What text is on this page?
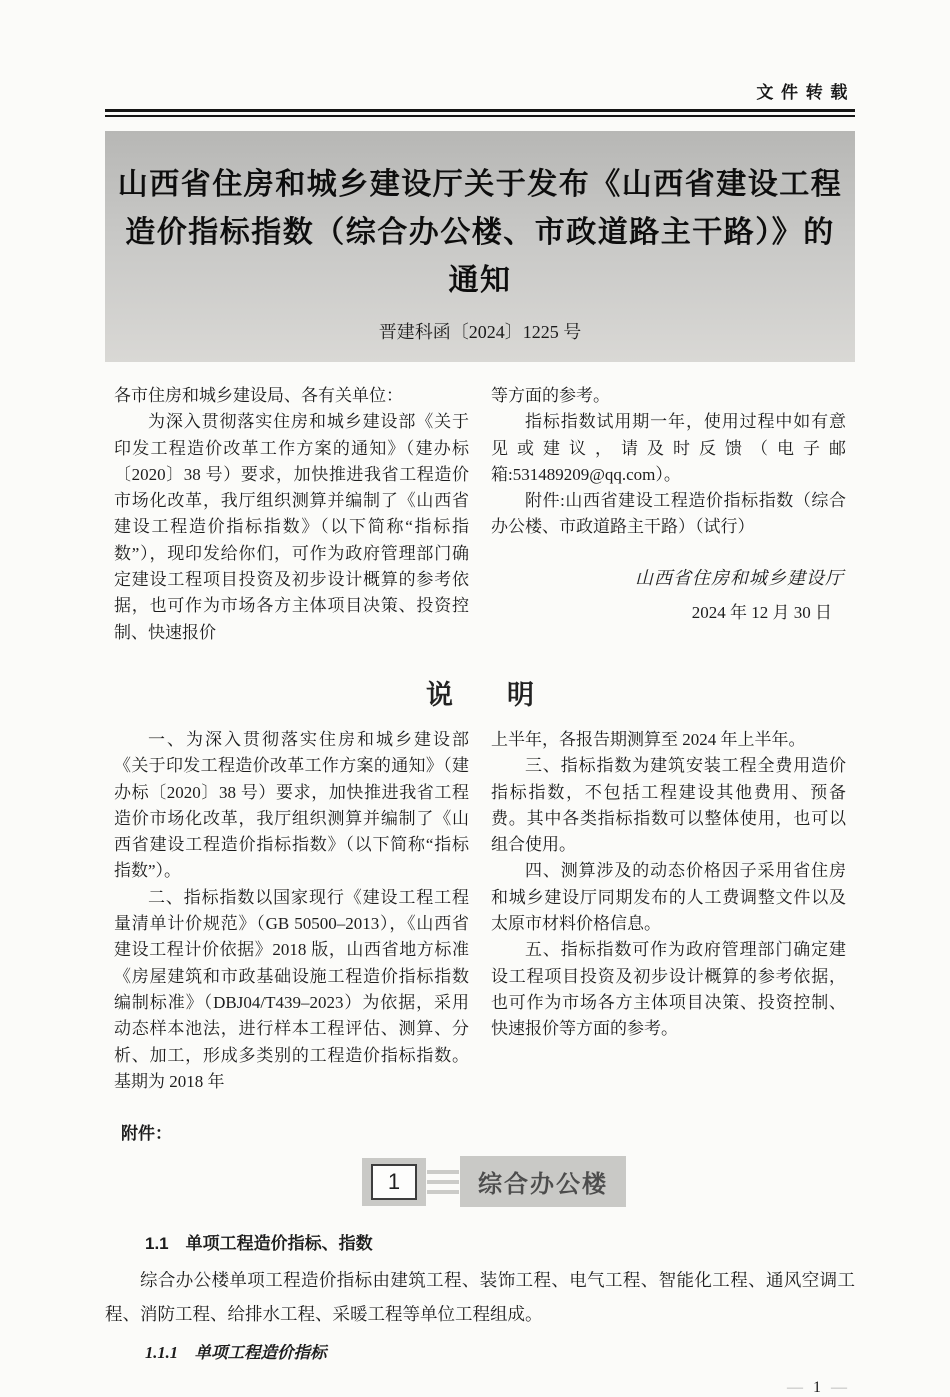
文件转载
山西省住房和城乡建设厅关于发布《山西省建设工程
造价指标指数（综合办公楼、市政道路主干路）》的通知
晋建科函〔2024〕1225 号

各市住房和城乡建设局、各有关单位：

为深入贯彻落实住房和城乡建设部《关于印发工程造价改革工作方案的通知》（建办标〔2020〕38 号）要求，加快推进我省工程造价市场化改革，我厅组织测算并编制了《山西省建设工程造价指标指数》（以下简称“指标指数”），现印发给你们，可作为政府管理部门确定建设工程项目投资及初步设计概算的参考依据，也可作为市场各方主体项目决策、投资控制、快速报价

等方面的参考。

指标指数试用期一年，使用过程中如有意见或建议，请及时反馈（电子邮箱:531489209@qq.com）。

附件:山西省建设工程造价指标指数（综合办公楼、市政道路主干路）（试行）

山西省住房和城乡建设厅
2024 年 12 月 30 日
说　　明

一、为深入贯彻落实住房和城乡建设部《关于印发工程造价改革工作方案的通知》（建办标〔2020〕38 号）要求，加快推进我省工程造价市场化改革，我厅组织测算并编制了《山西省建设工程造价指标指数》（以下简称“指标指数”）。

二、指标指数以国家现行《建设工程工程量清单计价规范》（GB 50500–2013），《山西省建设工程计价依据》2018 版，山西省地方标准《房屋建筑和市政基础设施工程造价指标指数编制标准》（DBJ04/T439–2023）为依据，采用动态样本池法，进行样本工程评估、测算、分析、加工，形成多类别的工程造价指标指数。基期为 2018 年

上半年，各报告期测算至 2024 年上半年。

三、指标指数为建筑安装工程全费用造价指标指数，不包括工程建设其他费用、预备费。其中各类指标指数可以整体使用，也可以组合使用。

四、测算涉及的动态价格因子采用省住房和城乡建设厅同期发布的人工费调整文件以及太原市材料价格信息。

五、指标指数可作为政府管理部门确定建设工程项目投资及初步设计概算的参考依据，也可作为市场各方主体项目决策、投资控制、快速报价等方面的参考。

附件：
1	综合办公楼
1.1　单项工程造价指标、指数

综合办公楼单项工程造价指标由建筑工程、装饰工程、电气工程、智能化工程、通风空调工程、消防工程、给排水工程、采暖工程等单位工程组成。

1.1.1　单项工程造价指标
— 1 —
